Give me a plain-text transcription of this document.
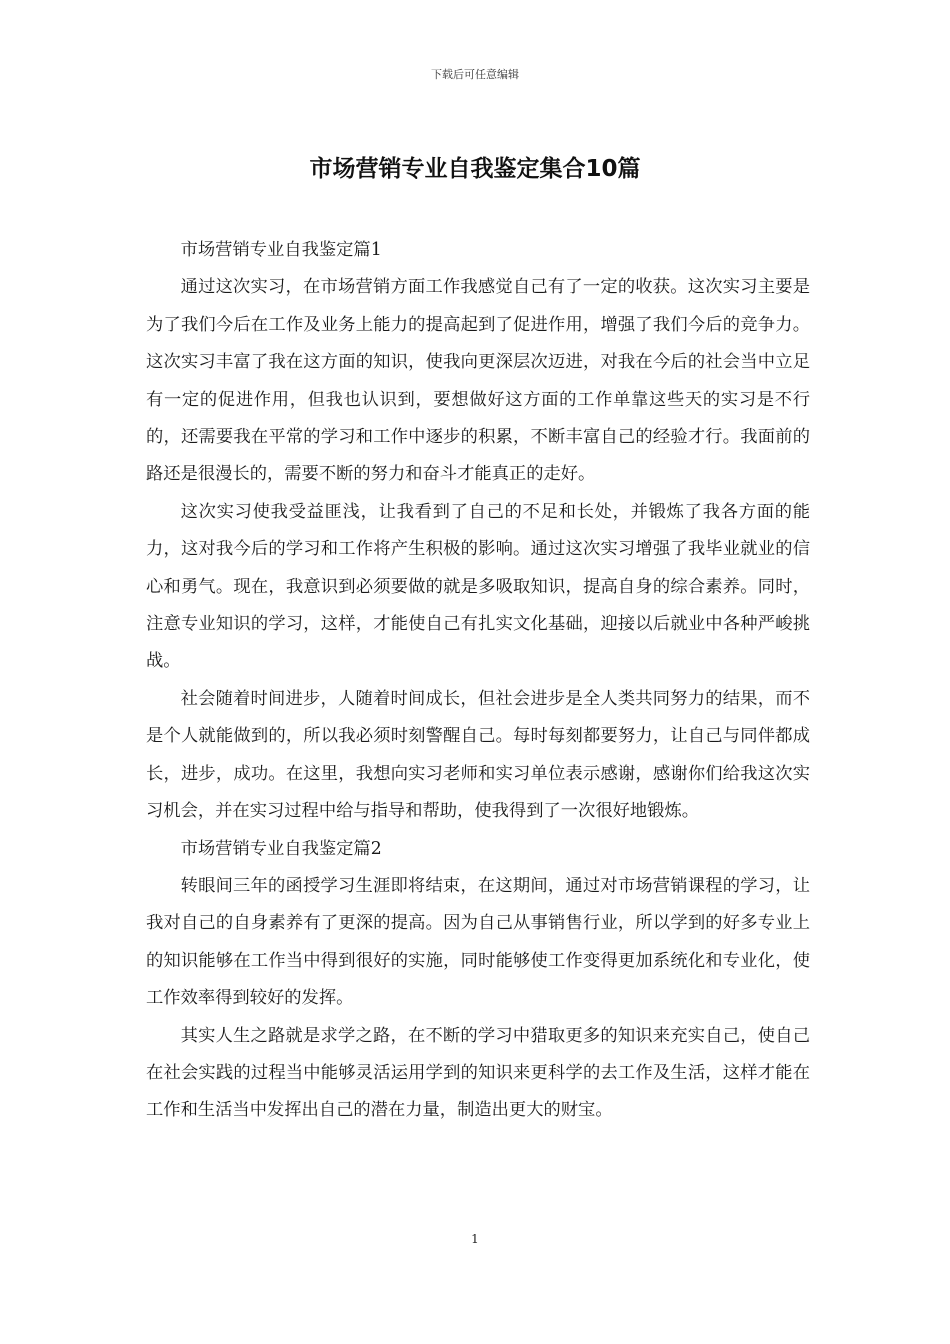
下载后可任意编辑
市场营销专业自我鉴定集合10篇

市场营销专业自我鉴定篇1

通过这次实习，在市场营销方面工作我感觉自己有了一定的收获。这次实习主要是为了我们今后在工作及业务上能力的提高起到了促进作用，增强了我们今后的竞争力。这次实习丰富了我在这方面的知识，使我向更深层次迈进，对我在今后的社会当中立足有一定的促进作用，但我也认识到，要想做好这方面的工作单靠这些天的实习是不行的，还需要我在平常的学习和工作中逐步的积累，不断丰富自己的经验才行。我面前的路还是很漫长的，需要不断的努力和奋斗才能真正的走好。

这次实习使我受益匪浅，让我看到了自己的不足和长处，并锻炼了我各方面的能力，这对我今后的学习和工作将产生积极的影响。通过这次实习增强了我毕业就业的信心和勇气。现在，我意识到必须要做的就是多吸取知识，提高自身的综合素养。同时，注意专业知识的学习，这样，才能使自己有扎实文化基础，迎接以后就业中各种严峻挑战。

社会随着时间进步，人随着时间成长，但社会进步是全人类共同努力的结果，而不是个人就能做到的，所以我必须时刻警醒自己。每时每刻都要努力，让自己与同伴都成长，进步，成功。在这里，我想向实习老师和实习单位表示感谢，感谢你们给我这次实习机会，并在实习过程中给与指导和帮助，使我得到了一次很好地锻炼。

市场营销专业自我鉴定篇2

转眼间三年的函授学习生涯即将结束，在这期间，通过对市场营销课程的学习，让我对自己的自身素养有了更深的提高。因为自己从事销售行业，所以学到的好多专业上的知识能够在工作当中得到很好的实施，同时能够使工作变得更加系统化和专业化，使工作效率得到较好的发挥。

其实人生之路就是求学之路，在不断的学习中猎取更多的知识来充实自己，使自己在社会实践的过程当中能够灵活运用学到的知识来更科学的去工作及生活，这样才能在工作和生活当中发挥出自己的潜在力量，制造出更大的财宝。

1
